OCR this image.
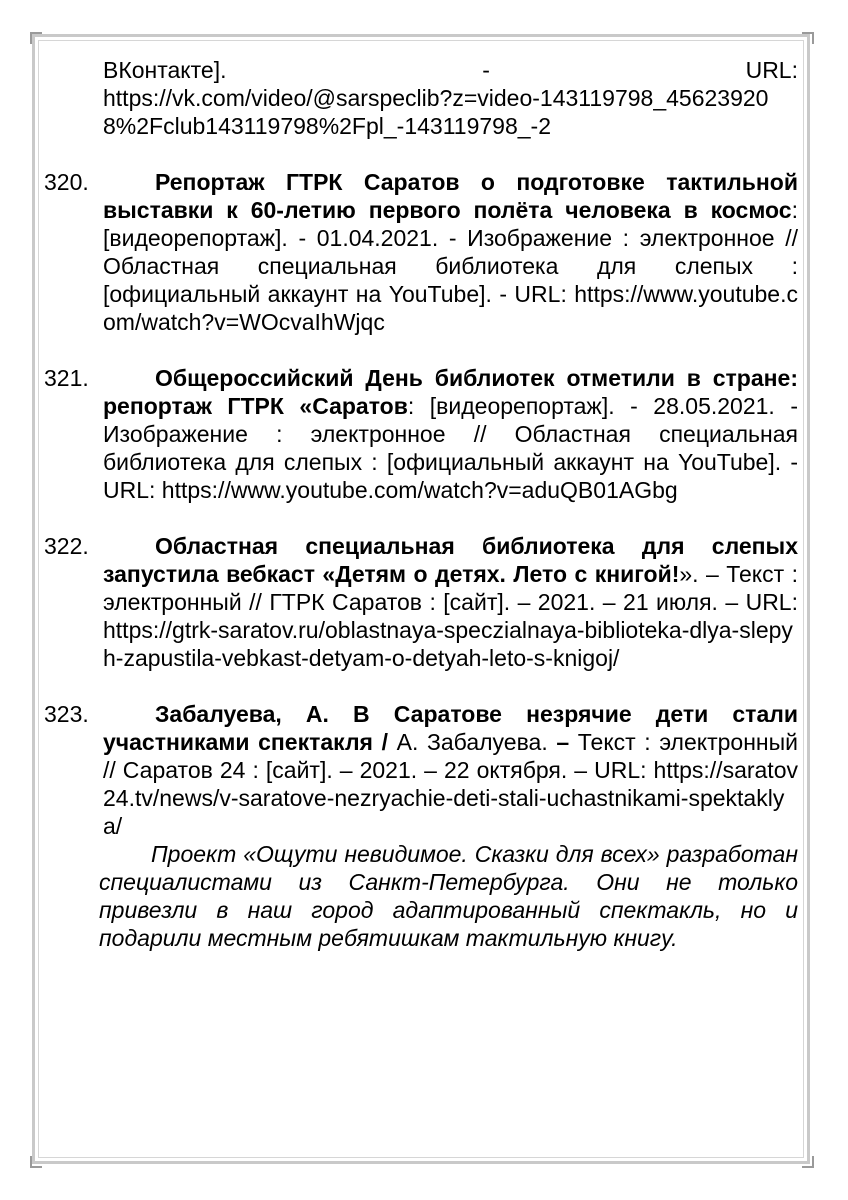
ВКонтакте].	-	URL:
https://vk.com/video/@sarspeclib?z=video-143119798_456239208%2Fclub143119798%2Fpl_-143119798_-2
320.	Репортаж ГТРК Саратов о подготовке тактильной выставки к 60-летию первого полёта человека в космос: [видеорепортаж]. - 01.04.2021. - Изображение : электронное // Областная специальная библиотека для слепых : [официальный аккаунт на YouTube]. - URL: https://www.youtube.com/watch?v=WOcvaIhWjqc
321.	Общероссийский День библиотек отметили в стране: репортаж ГТРК «Саратов: [видеорепортаж]. - 28.05.2021. - Изображение : электронное // Областная специальная библиотека для слепых : [официальный аккаунт на YouTube]. - URL: https://www.youtube.com/watch?v=aduQB01AGbg
322.	Областная специальная библиотека для слепых запустила вебкаст «Детям о детях. Лето с книгой!». – Текст : электронный // ГТРК Саратов : [сайт]. – 2021. – 21 июля. – URL: https://gtrk-saratov.ru/oblastnaya-speczialnaya-biblioteka-dlya-slepyh-zapustila-vebkast-detyam-o-detyah-leto-s-knigoj/
323.	Забалуева, А. В Саратове незрячие дети стали участниками спектакля / А. Забалуева. – Текст : электронный // Саратов 24 : [сайт]. – 2021. – 22 октября. – URL: https://saratov24.tv/news/v-saratove-nezryachie-deti-stali-uchastnikami-spektaklya/
Проект «Ощути невидимое. Сказки для всех» разработан специалистами из Санкт-Петербурга. Они не только привезли в наш город адаптированный спектакль, но и подарили местным ребятишкам тактильную книгу.
